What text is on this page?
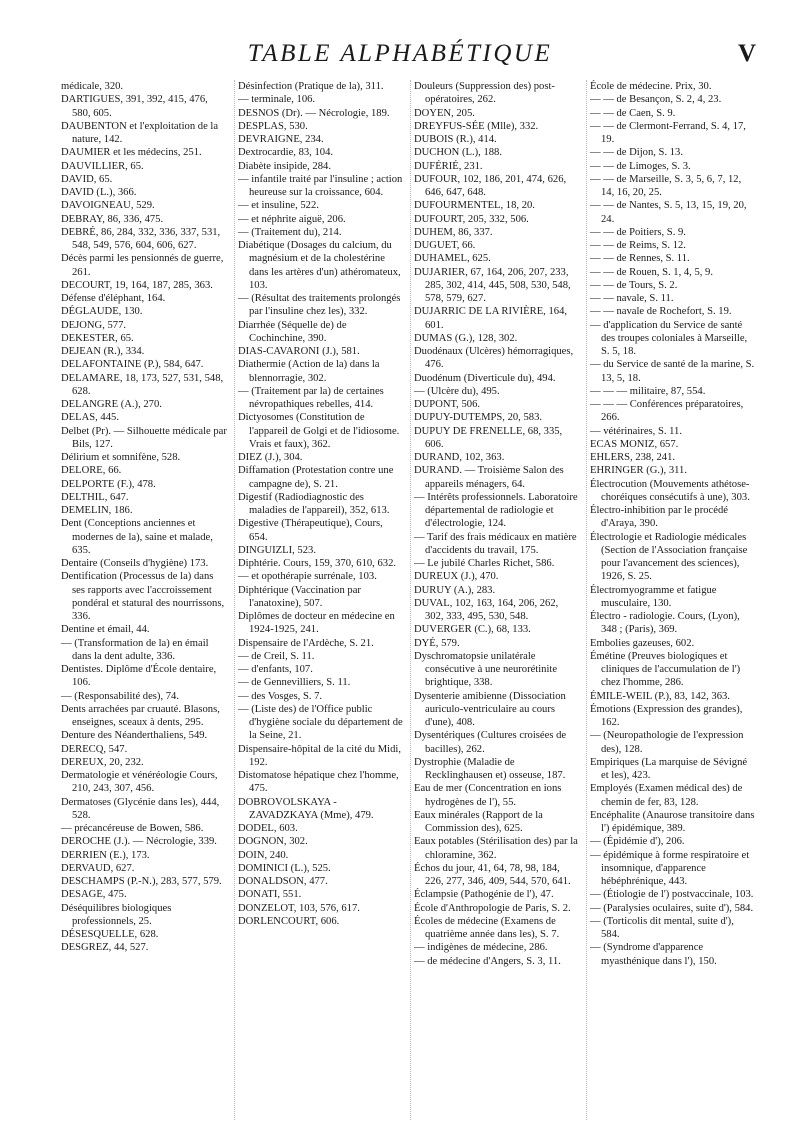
TABLE ALPHABÉTIQUE	V

médicale, 320.

DARTIGUES, 391, 392, 415, 476, 580, 605.

DAUBENTON et l'exploitation de la nature, 142.

DAUMIER et les médecins, 251.

DAUVILLIER, 65.

DAVID, 65.

DAVID (L.), 366.

DAVOIGNEAU, 529.

DEBRAY, 86, 336, 475.

DEBRÉ, 86, 284, 332, 336, 337, 531, 548, 549, 576, 604, 606, 627.

Décès parmi les pensionnés de guerre, 261.

DECOURT, 19, 164, 187, 285, 363.

Défense d'éléphant, 164.

DÉGLAUDE, 130.

DEJONG, 577.

DEKESTER, 65.

DEJEAN (R.), 334.

DELAFONTAINE (P.), 584, 647.

DELAMARE, 18, 173, 527, 531, 548, 628.

DELANGRE (A.), 270.

DELAS, 445.

Delbet (Pr). — Silhouette médicale par Bils, 127.

Délirium et somnifène, 528.

DELORE, 66.

DELPORTE (F.), 478.

DELTHIL, 647.

DEMELIN, 186.

Dent (Conceptions anciennes et modernes de la), saine et malade, 635.

Dentaire (Conseils d'hygiène) 173.

Dentification (Processus de la) dans ses rapports avec l'accroissement pondéral et statural des nourrissons, 336.

Dentine et émail, 44.

— (Transformation de la) en émail dans la dent adulte, 336.

Dentistes. Diplôme d'École dentaire, 106.

— (Responsabilité des), 74.

Dents arrachées par cruauté. Blasons, enseignes, sceaux à dents, 295.

Denture des Néanderthaliens, 549.

DERECQ, 547.

DEREUX, 20, 232.

Dermatologie et vénéréologie Cours, 210, 243, 307, 456.

Dermatoses (Glycénie dans les), 444, 528.

— précancéreuse de Bowen, 586.

DEROCHE (J.). — Nécrologie, 339.

DERRIEN (E.), 173.

DERVAUD, 627.

DESCHAMPS (P.-N.), 283, 577, 579.

DESAGE, 475.

Déséquilibres biologiques professionnels, 25.

DÉSESQUELLE, 628.

DESGREZ, 44, 527.

Désinfection (Pratique de la), 311.

— terminale, 106.

DESNOS (Dr). — Nécrologie, 189.

DESPLAS, 530.

DEVRAIGNE, 234.

Dextrocardie, 83, 104.

Diabète insipide, 284.

— infantile traité par l'insuline ; action heureuse sur la croissance, 604.

— et insuline, 522.

— et néphrite aiguë, 206.

— (Traitement du), 214.

Diabétique (Dosages du calcium, du magnésium et de la cholestérine dans les artères d'un) athéromateux, 103.

— (Résultat des traitements prolongés par l'insuline chez les), 332.

Diarrhée (Séquelle de) de Cochinchine, 390.

DIAS-CAVARONI (J.), 581.

Diathermie (Action de la) dans la blennorragie, 302.

— (Traitement par la) de certaines névropathiques rebelles, 414.

Dictyosomes (Constitution de l'appareil de Golgi et de l'idiosome. Vrais et faux), 362.

DIEZ (J.), 304.

Diffamation (Protestation contre une campagne de), S. 21.

Digestif (Radiodiagnostic des maladies de l'appareil), 352, 613.

Digestive (Thérapeutique), Cours, 654.

DINGUIZLI, 523.

Diphtérie. Cours, 159, 370, 610, 632.

— et opothérapie surrénale, 103.

Diphtérique (Vaccination par l'anatoxine), 507.

Diplômes de docteur en médecine en 1924-1925, 241.

Dispensaire de l'Ardèche, S. 21.

— de Creil, S. 11.

— d'enfants, 107.

— de Gennevilliers, S. 11.

— des Vosges, S. 7.

— (Liste des) de l'Office public d'hygiène sociale du département de la Seine, 21.

Dispensaire-hôpital de la cité du Midi, 192.

Distomatose hépatique chez l'homme, 475.

DOBROVOLSKAYA - ZAVADZKAYA (Mme), 479.

DODEL, 603.

DOGNON, 302.

DOIN, 240.

DOMINICI (L.), 525.

DONALDSON, 477.

DONATI, 551.

DONZELOT, 103, 576, 617.

DORLENCOURT, 606.

Douleurs (Suppression des) post-opératoires, 262.

DOYEN, 205.

DREYFUS-SÉE (Mlle), 332.

DUBOIS (R.), 414.

DUCHON (L.), 188.

DUFÉRIÉ, 231.

DUFOUR, 102, 186, 201, 474, 626, 646, 647, 648.

DUFOURMENTEL, 18, 20.

DUFOURT, 205, 332, 506.

DUHEM, 86, 337.

DUGUET, 66.

DUHAMEL, 625.

DUJARIER, 67, 164, 206, 207, 233, 285, 302, 414, 445, 508, 530, 548, 578, 579, 627.

DUJARRIC DE LA RIVIÈRE, 164, 601.

DUMAS (G.), 128, 302.

Duodénaux (Ulcères) hémorragiques, 476.

Duodénum (Diverticule du), 494.

— (Ulcère du), 495.

DUPONT, 506.

DUPUY-DUTEMPS, 20, 583.

DUPUY DE FRENELLE, 68, 335, 606.

DURAND, 102, 363.

DURAND. — Troisième Salon des appareils ménagers, 64.

— Intérêts professionnels. Laboratoire départemental de radiologie et d'électrologie, 124.

— Tarif des frais médicaux en matière d'accidents du travail, 175.

— Le jubilé Charles Richet, 586.

DUREUX (J.), 470.

DURUY (A.), 283.

DUVAL, 102, 163, 164, 206, 262, 302, 333, 495, 530, 548.

DUVERGER (C.), 68, 133.

DYÉ, 579.

Dyschromatopsie unilatérale consécutive à une neurorétinite brightique, 338.

Dysenterie amibienne (Dissociation auriculo-ventriculaire au cours d'une), 408.

Dysentériques (Cultures croisées de bacilles), 262.

Dystrophie (Maladie de Recklinghausen et) osseuse, 187.

Eau de mer (Concentration en ions hydrogènes de l'), 55.

Eaux minérales (Rapport de la Commission des), 625.

Eaux potables (Stérilisation des) par la chloramine, 362.

Échos du jour, 41, 64, 78, 98, 184, 226, 277, 346, 409, 544, 570, 641.

Éclampsie (Pathogénie de l'), 47.

École d'Anthropologie de Paris, S. 2.

Écoles de médecine (Examens de quatrième année dans les), S. 7.

— indigènes de médecine, 286.

— de médecine d'Angers, S. 3, 11.

École de médecine. Prix, 30.

— — de Besançon, S. 2, 4, 23.

— — de Caen, S. 9.

— — de Clermont-Ferrand, S. 4, 17, 19.

— — de Dijon, S. 13.

— — de Limoges, S. 3.

— — de Marseille, S. 3, 5, 6, 7, 12, 14, 16, 20, 25.

— — de Nantes, S. 5, 13, 15, 19, 20, 24.

— — de Poitiers, S. 9.

— — de Reims, S. 12.

— — de Rennes, S. 11.

— — de Rouen, S. 1, 4, 5, 9.

— — de Tours, S. 2.

— — navale, S. 11.

— — navale de Rochefort, S. 19.

— d'application du Service de santé des troupes coloniales à Marseille, S. 5, 18.

— du Service de santé de la marine, S. 13, 5, 18.

— — — militaire, 87, 554.

— — — Conférences préparatoires, 266.

— vétérinaires, S. 11.

ECAS MONIZ, 657.

EHLERS, 238, 241.

EHRINGER (G.), 311.

Électrocution (Mouvements athétose-choréiques consécutifs à une), 303.

Électro-inhibition par le procédé d'Araya, 390.

Électrologie et Radiologie médicales (Section de l'Association française pour l'avancement des sciences), 1926, S. 25.

Électromyogramme et fatigue musculaire, 130.

Électro - radiologie. Cours, (Lyon), 348 ; (Paris), 369.

Embolies gazeuses, 602.

Émétine (Preuves biologiques et cliniques de l'accumulation de l') chez l'homme, 286.

ÉMILE-WEIL (P.), 83, 142, 363.

Émotions (Expression des grandes), 162.

— (Neuropathologie de l'expression des), 128.

Empiriques (La marquise de Sévigné et les), 423.

Employés (Examen médical des) de chemin de fer, 83, 128.

Encéphalite (Anaurose transitoire dans l') épidémique, 389.

— (Épidémie d'), 206.

— épidémique à forme respiratoire et insomnique, d'apparence hébéphrénique, 443.

— (Étiologie de l') postvaccinale, 103.

— (Paralysies oculaires, suite d'), 584.

— (Torticolis dit mental, suite d'), 584.

— (Syndrome d'apparence myasthénique dans l'), 150.
